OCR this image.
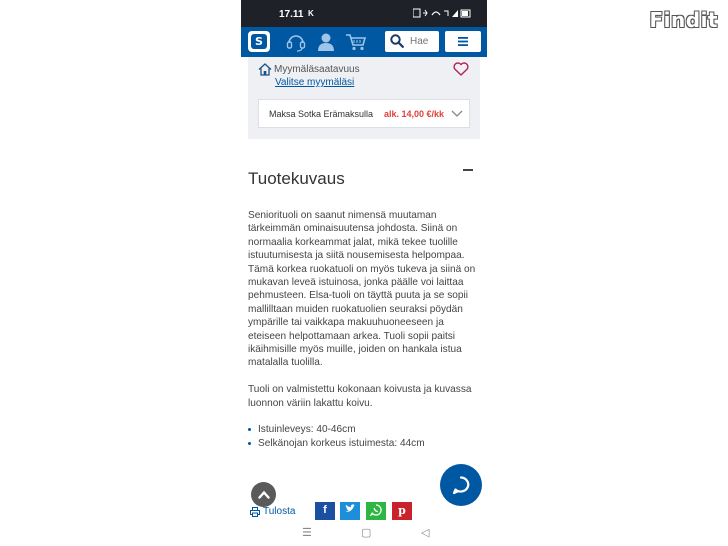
Findit
17.11 K
S
Hae
Myymäläsaatavuus
Valitse myymäläsi
Maksa Sotka Erämaksulla alk. 14,00 €/kk
Tuotekuvaus

Seniorituoli on saanut nimensä muutaman tärkeimmän ominaisuutensa johdosta. Siinä on normaalia korkeammat jalat, mikä tekee tuolille istuutumisesta ja siitä nousemisesta helpompaa. Tämä korkea ruokatuoli on myös tukeva ja siinä on mukavan leveä istuinosa, jonka päälle voi laittaa pehmusteen. Elsa-tuoli on täyttä puuta ja se sopii mallilltaan muiden ruokatuolien seuraksi pöydän ympärille tai vaikkapa makuuhuoneeseen ja eteiseen helpottamaan arkea. Tuoli sopii paitsi ikäihmisille myös muille, joiden on hankala istua matalalla tuolilla.

Tuoli on valmistettu kokonaan koivusta ja kuvassa luonnon väriin lakattu koivu.

Istuinleveys: 40-46cm
Selkänojan korkeus istuimesta: 44cm
Tulosta	f	p
☰	▢	◁
